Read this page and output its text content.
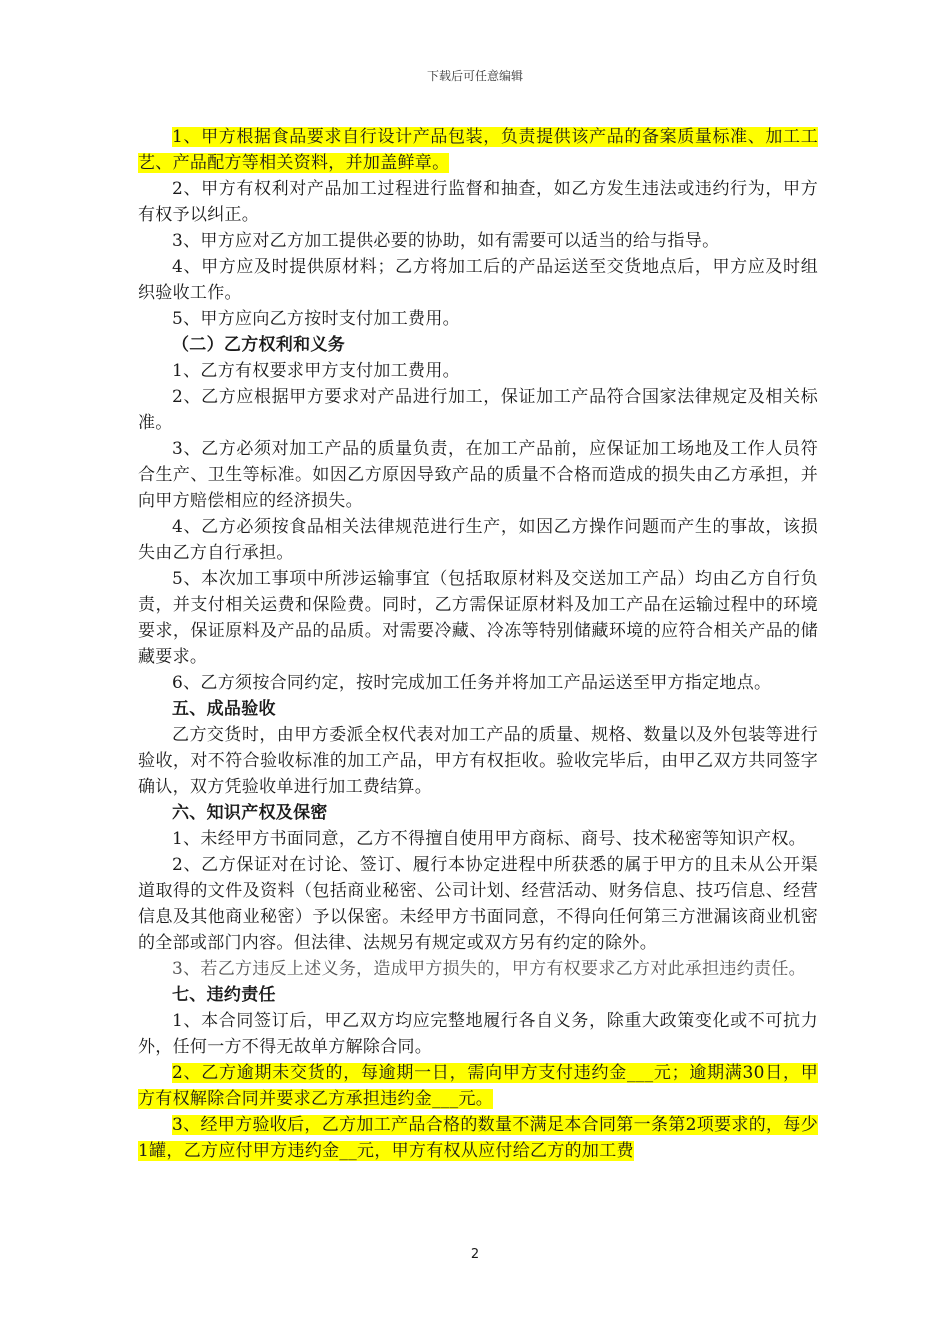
下载后可任意编辑

1、甲方根据食品要求自行设计产品包装，负责提供该产品的备案质量标准、加工工艺、产品配方等相关资料，并加盖鲜章。

2、甲方有权利对产品加工过程进行监督和抽查，如乙方发生违法或违约行为，甲方有权予以纠正。

3、甲方应对乙方加工提供必要的协助，如有需要可以适当的给与指导。

4、甲方应及时提供原材料；乙方将加工后的产品运送至交货地点后，甲方应及时组织验收工作。

5、甲方应向乙方按时支付加工费用。

（二）乙方权利和义务

1、乙方有权要求甲方支付加工费用。

2、乙方应根据甲方要求对产品进行加工，保证加工产品符合国家法律规定及相关标准。

3、乙方必须对加工产品的质量负责，在加工产品前，应保证加工场地及工作人员符合生产、卫生等标准。如因乙方原因导致产品的质量不合格而造成的损失由乙方承担，并向甲方赔偿相应的经济损失。

4、乙方必须按食品相关法律规范进行生产，如因乙方操作问题而产生的事故，该损失由乙方自行承担。

5、本次加工事项中所涉运输事宜（包括取原材料及交送加工产品）均由乙方自行负责，并支付相关运费和保险费。同时，乙方需保证原材料及加工产品在运输过程中的环境要求，保证原料及产品的品质。对需要冷藏、冷冻等特别储藏环境的应符合相关产品的储藏要求。

6、乙方须按合同约定，按时完成加工任务并将加工产品运送至甲方指定地点。

五、成品验收

乙方交货时，由甲方委派全权代表对加工产品的质量、规格、数量以及外包装等进行验收，对不符合验收标准的加工产品，甲方有权拒收。验收完毕后，由甲乙双方共同签字确认，双方凭验收单进行加工费结算。

六、知识产权及保密

1、未经甲方书面同意，乙方不得擅自使用甲方商标、商号、技术秘密等知识产权。

2、乙方保证对在讨论、签订、履行本协定进程中所获悉的属于甲方的且未从公开渠道取得的文件及资料（包括商业秘密、公司计划、经营活动、财务信息、技巧信息、经营信息及其他商业秘密）予以保密。未经甲方书面同意，不得向任何第三方泄漏该商业机密的全部或部门内容。但法律、法规另有规定或双方另有约定的除外。

3、若乙方违反上述义务，造成甲方损失的，甲方有权要求乙方对此承担违约责任。

七、违约责任

1、本合同签订后，甲乙双方均应完整地履行各自义务，除重大政策变化或不可抗力外，任何一方不得无故单方解除合同。

2、乙方逾期未交货的，每逾期一日，需向甲方支付违约金___元；逾期满30日，甲方有权解除合同并要求乙方承担违约金___元。

3、经甲方验收后，乙方加工产品合格的数量不满足本合同第一条第2项要求的，每少1罐，乙方应付甲方违约金__元，甲方有权从应付给乙方的加工费

2
